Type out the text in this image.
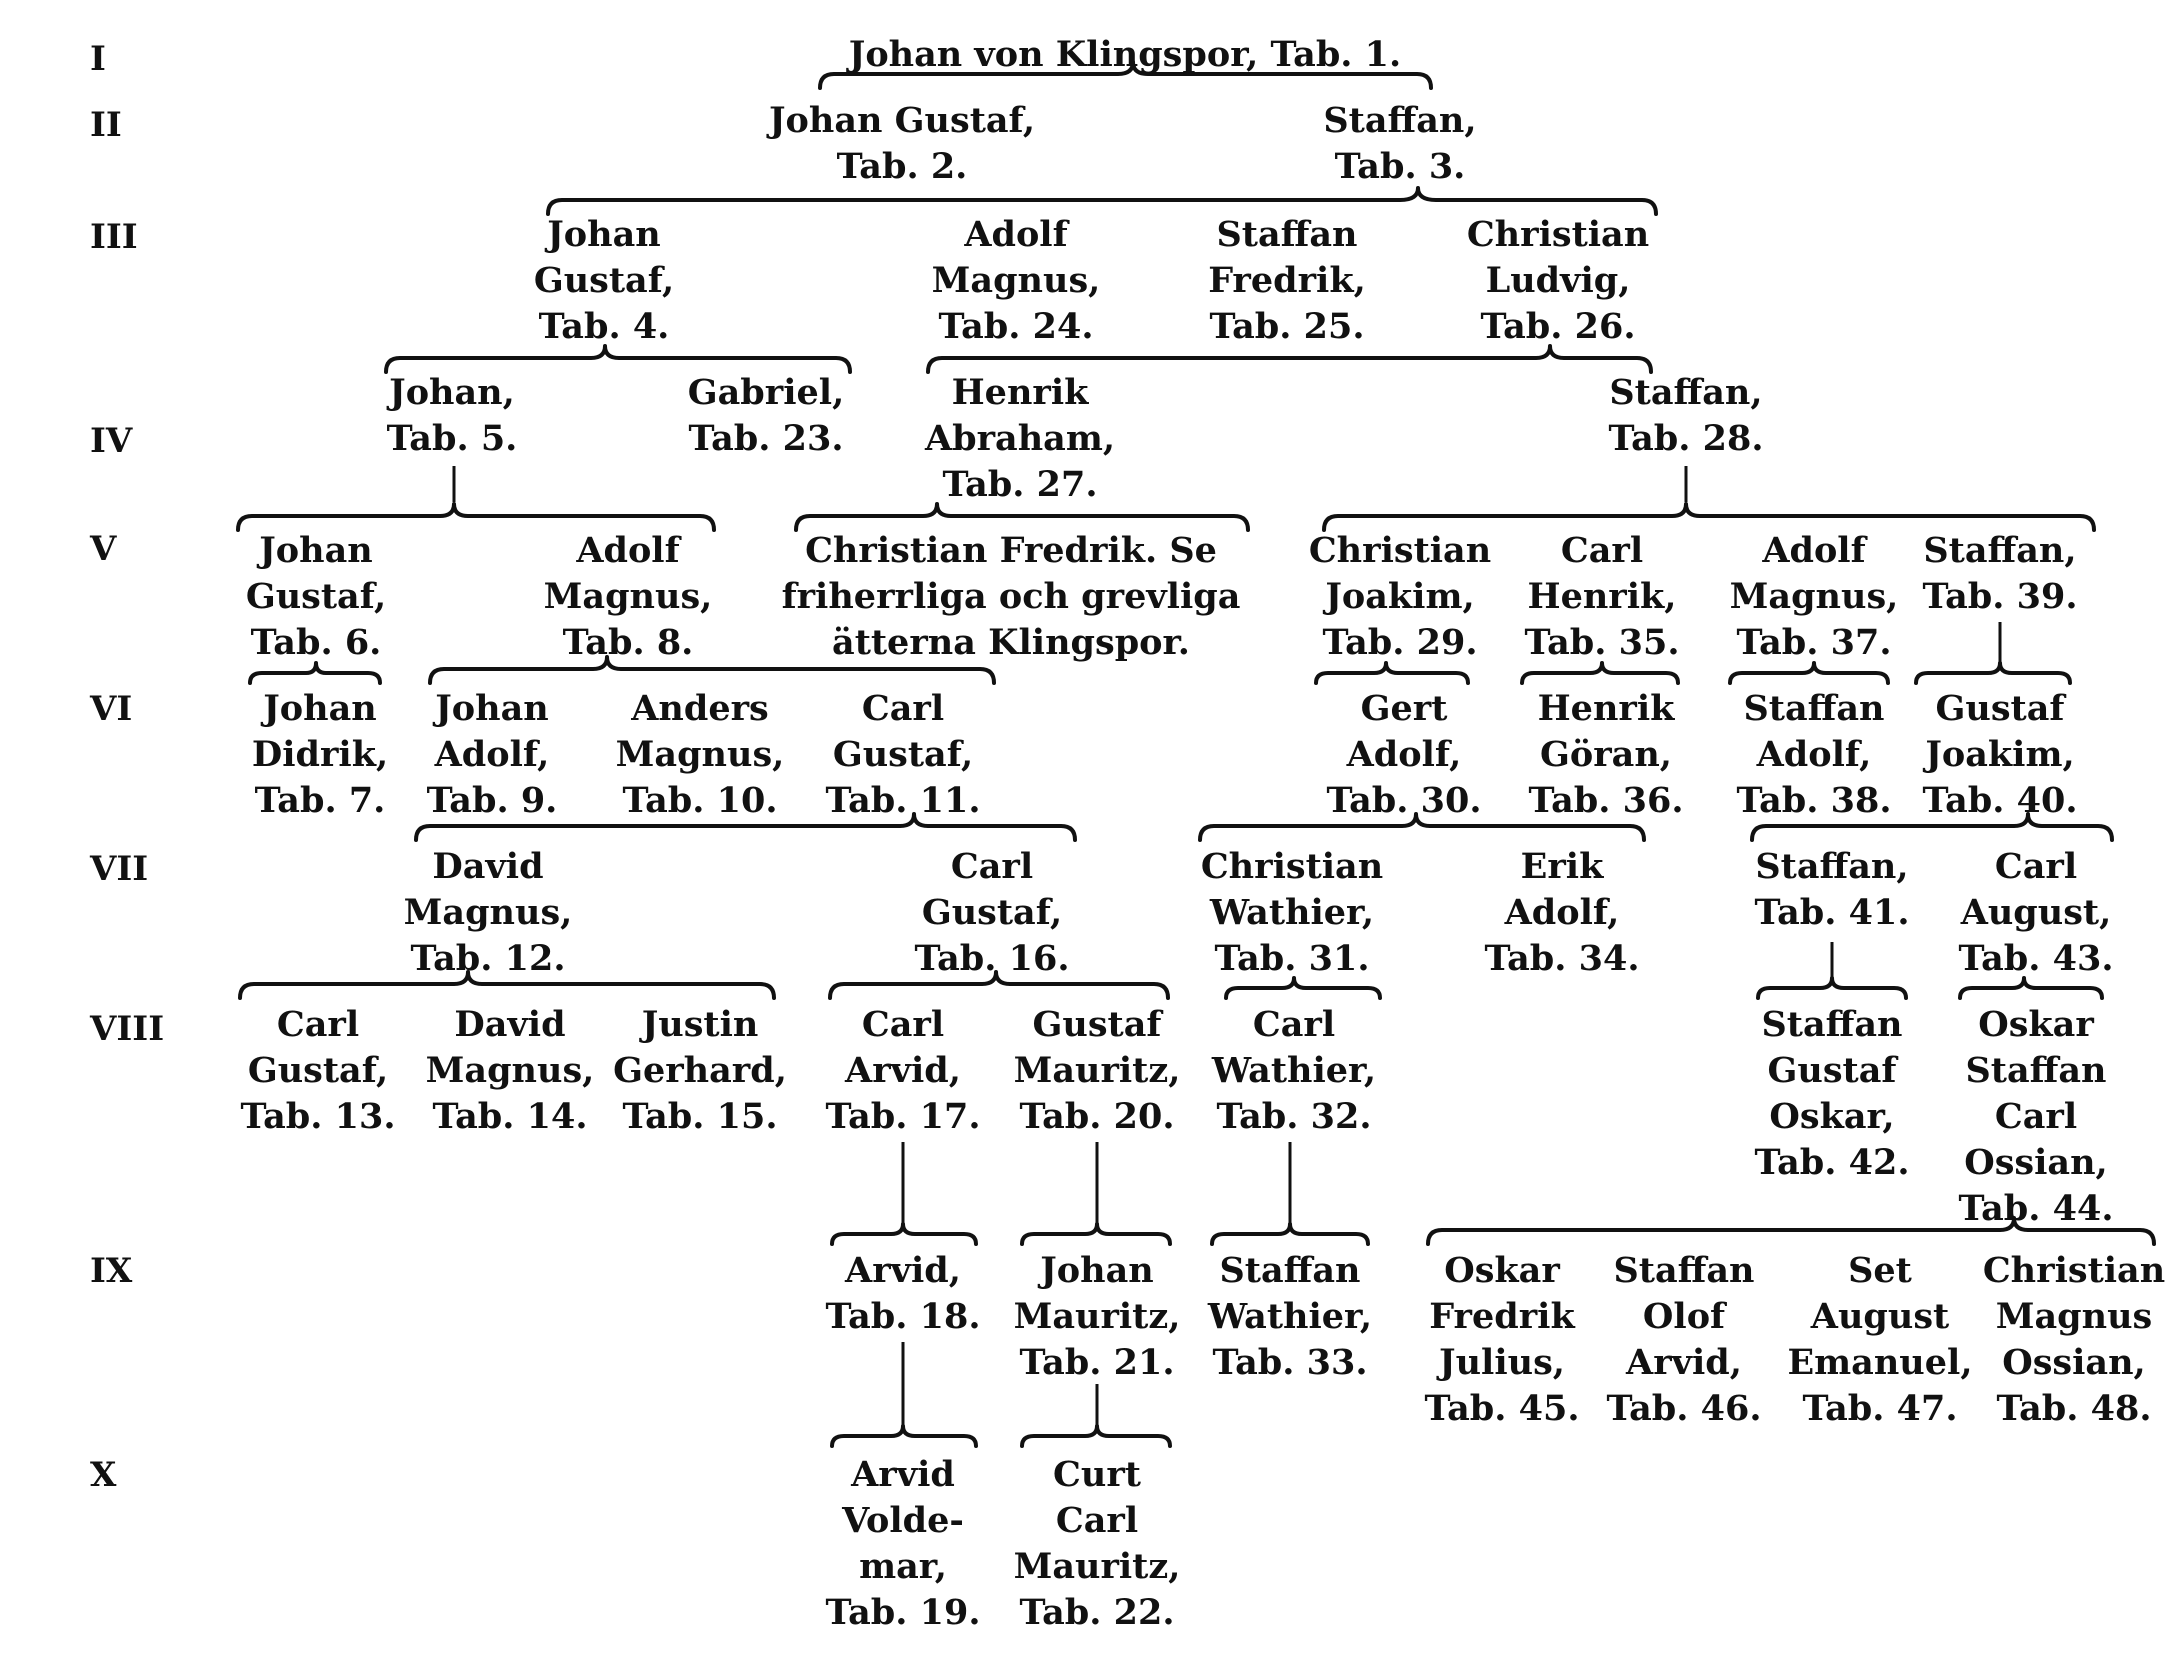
I
II
III
IV
V
VI
VII
VIII
IX
X
Johan von Klingspor, Tab. 1.
Johan Gustaf, Tab. 2.
Staffan, Tab. 3.
Johan Gustaf, Tab. 4.
Adolf Magnus, Tab. 24.
Staffan Fredrik, Tab. 25.
Christian Ludvig, Tab. 26.
Johan, Tab. 5.
Gabriel, Tab. 23.
Henrik Abraham, Tab. 27.
Staffan, Tab. 28.
Johan Gustaf, Tab. 6.
Adolf Magnus, Tab. 8.
Christian Fredrik. Se friherrliga och grevliga ätterna Klingspor.
Christian Joakim, Tab. 29.
Carl Henrik, Tab. 35.
Adolf Magnus, Tab. 37.
Staffan, Tab. 39.
Johan Didrik, Tab. 7.
Johan Adolf, Tab. 9.
Anders Magnus, Tab. 10.
Carl Gustaf, Tab. 11.
Gert Adolf, Tab. 30.
Henrik Göran, Tab. 36.
Staffan Adolf, Tab. 38.
Gustaf Joakim, Tab. 40.
David Magnus, Tab. 12.
Carl Gustaf, Tab. 16.
Christian Wathier, Tab. 31.
Erik Adolf, Tab. 34.
Staffan, Tab. 41.
Carl August, Tab. 43.
Carl Gustaf, Tab. 13.
David Magnus, Tab. 14.
Justin Gerhard, Tab. 15.
Carl Arvid, Tab. 17.
Gustaf Mauritz, Tab. 20.
Carl Wathier, Tab. 32.
Staffan Gustaf Oskar, Tab. 42.
Oskar Staffan Carl Ossian, Tab. 44.
Arvid, Tab. 18.
Johan Mauritz, Tab. 21.
Staffan Wathier, Tab. 33.
Oskar Fredrik Julius, Tab. 45.
Staffan Olof Arvid, Tab. 46.
Set August Emanuel, Tab. 47.
Christian Magnus Ossian, Tab. 48.
Arvid Volde-mar, Tab. 19.
Curt Carl Mauritz, Tab. 22.
